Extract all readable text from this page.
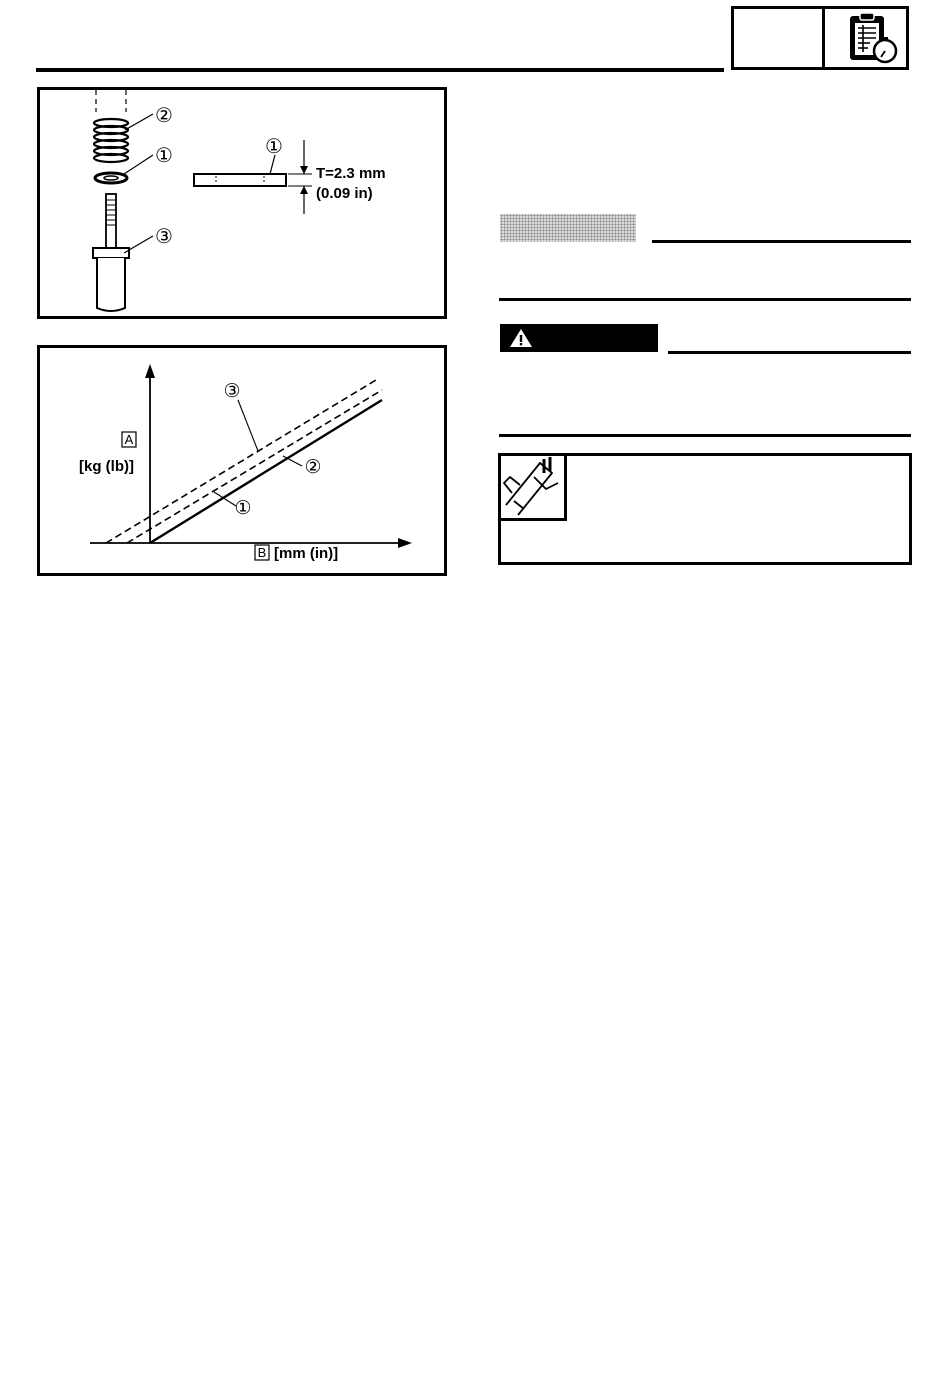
②
①
③
①
T=2.3 mm
(0.09 in)
①
②
③
A
[kg (lb)]
B [mm (in)]
